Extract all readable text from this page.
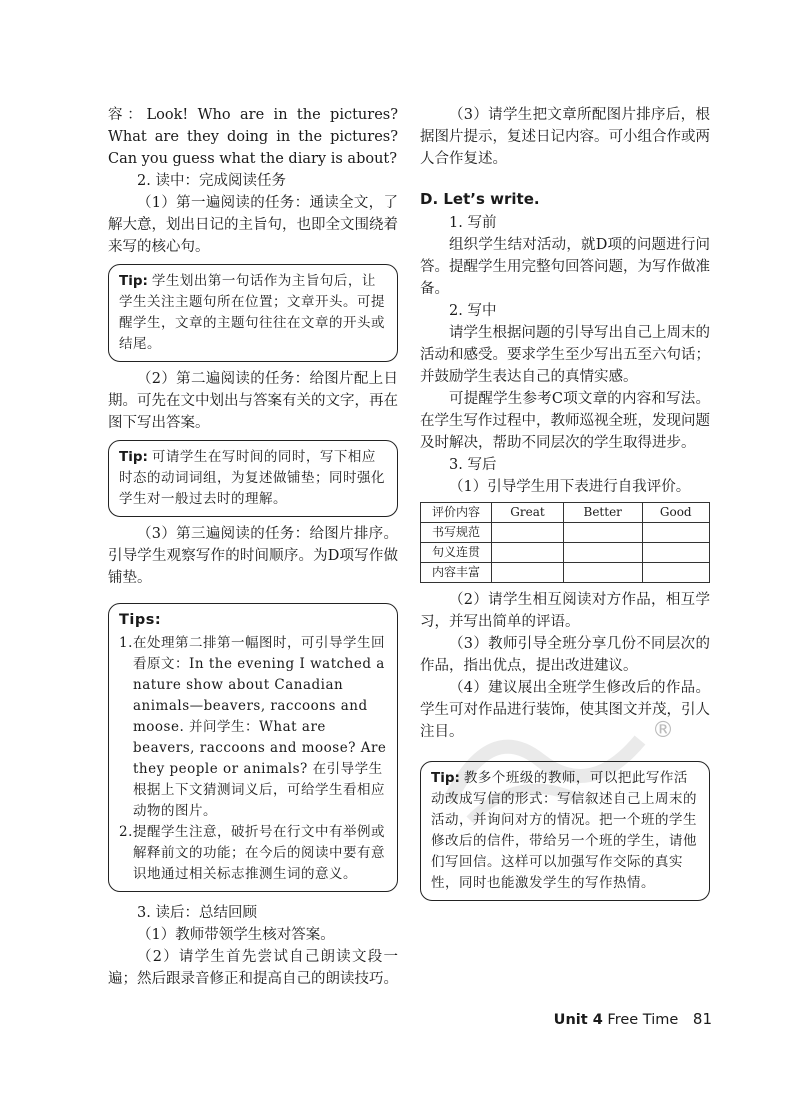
®

容：Look! Who are in the pictures? What are they doing in the pictures? Can you guess what the diary is about?

2. 读中：完成阅读任务

（1）第一遍阅读的任务：通读全文，了解大意，划出日记的主旨句，也即全文围绕着来写的核心句。

Tip: 学生划出第一句话作为主旨句后，让学生关注主题句所在位置；文章开头。可提醒学生，文章的主题句往往在文章的开头或结尾。

（2）第二遍阅读的任务：给图片配上日期。可先在文中划出与答案有关的文字，再在图下写出答案。

Tip: 可请学生在写时间的同时，写下相应时态的动词词组，为复述做铺垫；同时强化学生对一般过去时的理解。

（3）第三遍阅读的任务：给图片排序。引导学生观察写作的时间顺序。为D项写作做铺垫。

Tips:
1. 在处理第二排第一幅图时，可引导学生回看原文：In the evening I watched a nature show about Canadian animals—beavers, raccoons and moose. 并问学生：What are beavers, raccoons and moose? Are they people or animals? 在引导学生根据上下文猜测词义后，可给学生看相应动物的图片。
2. 提醒学生注意，破折号在行文中有举例或解释前文的功能；在今后的阅读中要有意识地通过相关标志推测生词的意义。

3. 读后：总结回顾

（1）教师带领学生核对答案。

（2）请学生首先尝试自己朗读文段一遍；然后跟录音修正和提高自己的朗读技巧。

（3）请学生把文章所配图片排序后，根据图片提示，复述日记内容。可小组合作或两人合作复述。

D. Let’s write.

1. 写前

组织学生结对活动，就D项的问题进行问答。提醒学生用完整句回答问题，为写作做准备。

2. 写中

请学生根据问题的引导写出自己上周末的活动和感受。要求学生至少写出五至六句话；并鼓励学生表达自己的真情实感。

可提醒学生参考C项文章的内容和写法。在学生写作过程中，教师巡视全班，发现问题及时解决，帮助不同层次的学生取得进步。

3. 写后

（1）引导学生用下表进行自我评价。

评价内容	Great	Better	Good
书写规范			
句义连贯			
内容丰富			

（2）请学生相互阅读对方作品，相互学习，并写出简单的评语。

（3）教师引导全班分享几份不同层次的作品，指出优点，提出改进建议。

（4）建议展出全班学生修改后的作品。学生可对作品进行装饰，使其图文并茂，引人注目。

Tip: 教多个班级的教师，可以把此写作活动改成写信的形式：写信叙述自己上周末的活动，并询问对方的情况。把一个班的学生修改后的信件，带给另一个班的学生，请他们写回信。这样可以加强写作交际的真实性，同时也能激发学生的写作热情。
Unit 4 Free Time 81
